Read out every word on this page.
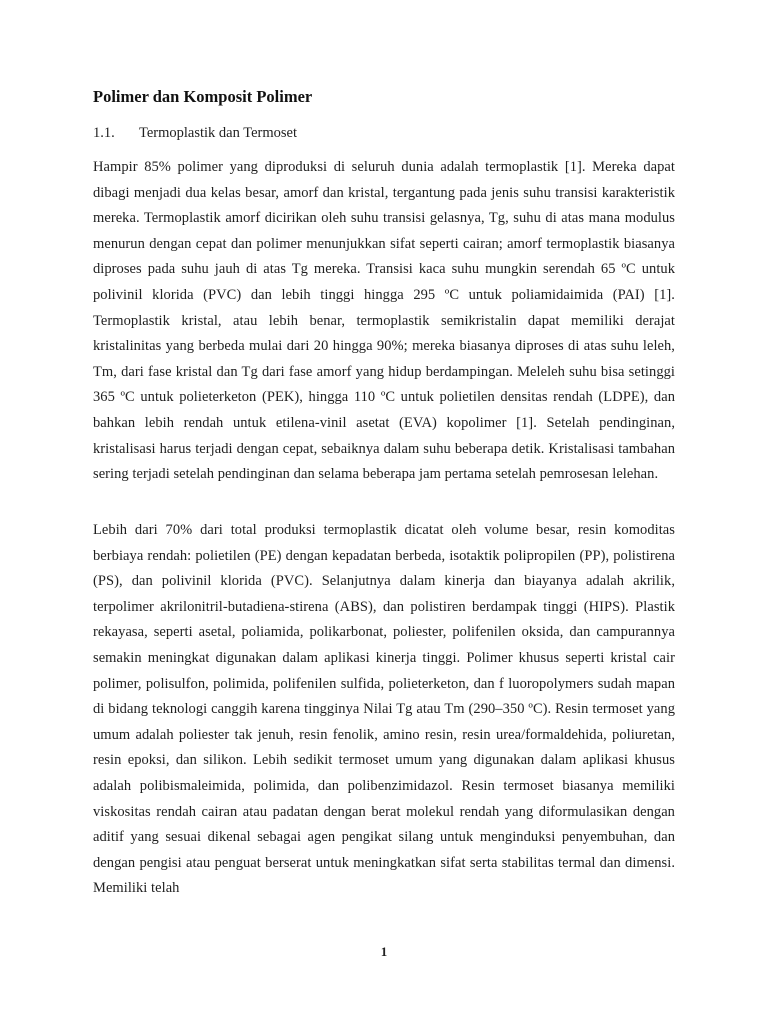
Polimer dan Komposit Polimer
1.1. Termoplastik dan Termoset

Hampir 85% polimer yang diproduksi di seluruh dunia adalah termoplastik [1]. Mereka dapat dibagi menjadi dua kelas besar, amorf dan kristal, tergantung pada jenis suhu transisi karakteristik mereka. Termoplastik amorf dicirikan oleh suhu transisi gelasnya, Tg, suhu di atas mana modulus menurun dengan cepat dan polimer menunjukkan sifat seperti cairan; amorf termoplastik biasanya diproses pada suhu jauh di atas Tg mereka. Transisi kaca suhu mungkin serendah 65 ºC untuk polivinil klorida (PVC) dan lebih tinggi hingga 295 ºC untuk poliamidaimida (PAI) [1]. Termoplastik kristal, atau lebih benar, termoplastik semikristalin dapat memiliki derajat kristalinitas yang berbeda mulai dari 20 hingga 90%; mereka biasanya diproses di atas suhu leleh, Tm, dari fase kristal dan Tg dari fase amorf yang hidup berdampingan. Meleleh suhu bisa setinggi 365 ºC untuk polieterketon (PEK), hingga 110 ºC untuk polietilen densitas rendah (LDPE), dan bahkan lebih rendah untuk etilena-vinil asetat (EVA) kopolimer [1]. Setelah pendinginan, kristalisasi harus terjadi dengan cepat, sebaiknya dalam suhu beberapa detik. Kristalisasi tambahan sering terjadi setelah pendinginan dan selama beberapa jam pertama setelah pemrosesan lelehan.

Lebih dari 70% dari total produksi termoplastik dicatat oleh volume besar, resin komoditas berbiaya rendah: polietilen (PE) dengan kepadatan berbeda, isotaktik polipropilen (PP), polistirena (PS), dan polivinil klorida (PVC). Selanjutnya dalam kinerja dan biayanya adalah akrilik, terpolimer akrilonitril-butadiena-stirena (ABS), dan polistiren berdampak tinggi (HIPS). Plastik rekayasa, seperti asetal, poliamida, polikarbonat, poliester, polifenilen oksida, dan campurannya semakin meningkat digunakan dalam aplikasi kinerja tinggi. Polimer khusus seperti kristal cair polimer, polisulfon, polimida, polifenilen sulfida, polieterketon, dan f luoropolymers sudah mapan di bidang teknologi canggih karena tingginya Nilai Tg atau Tm (290–350 ºC). Resin termoset yang umum adalah poliester tak jenuh, resin fenolik, amino resin, resin urea/formaldehida, poliuretan, resin epoksi, dan silikon. Lebih sedikit termoset umum yang digunakan dalam aplikasi khusus adalah polibismaleimida, polimida, dan polibenzimidazol. Resin termoset biasanya memiliki viskositas rendah cairan atau padatan dengan berat molekul rendah yang diformulasikan dengan aditif yang sesuai dikenal sebagai agen pengikat silang untuk menginduksi penyembuhan, dan dengan pengisi atau penguat berserat untuk meningkatkan sifat serta stabilitas termal dan dimensi. Memiliki telah

1
